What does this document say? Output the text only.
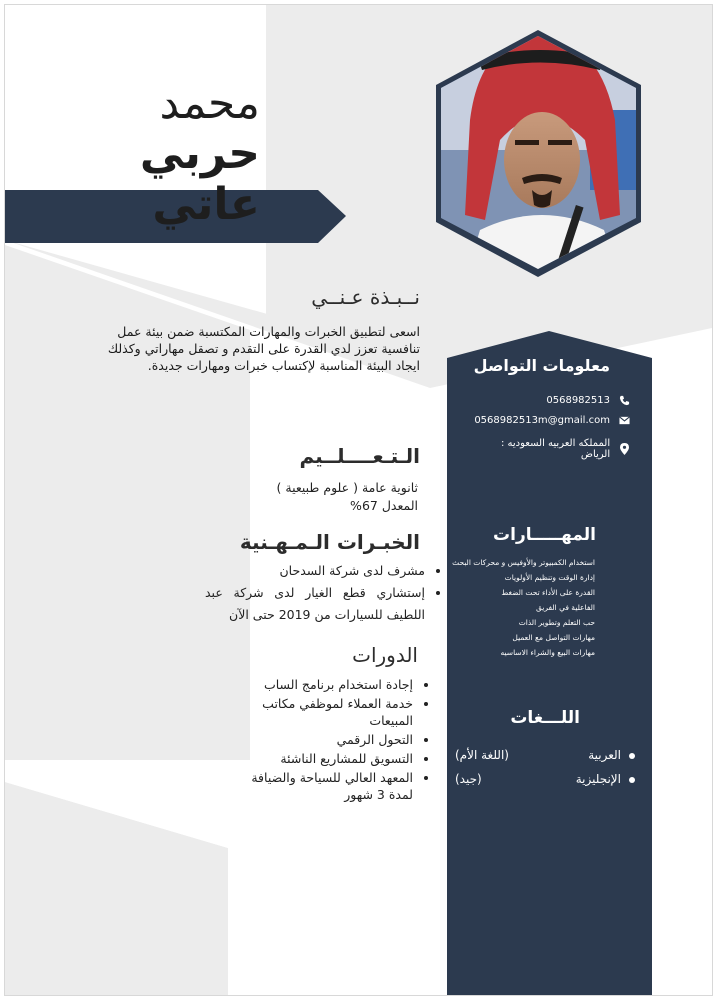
محمد
حربي عاتي
نــبـذة عـنــي
اسعى لتطبيق الخبرات والمهارات المكتسبة ضمن بيئة عمل تنافسية تعزز لدي القدرة على التقدم و تصقل مهاراتي وكذلك ايجاد البيئة المناسبة لإكتساب خبرات ومهارات جديدة.
الـتـعــــلــيم
ثانوية عامة ( علوم طبيعية )
المعدل 67%
الخبـرات الـمـهـنية
• مشرف لدى شركة السدحان
• إستشاري قطع الغيار لدى شركة عبد اللطيف للسيارات من 2019 حتى الآن
الدورات
• إجادة استخدام برنامج الساب
• خدمة العملاء لموظفي مكاتب المبيعات
• التحول الرقمي
• التسويق للمشاريع الناشئة
• المعهد العالي للسياحة والضيافة لمدة 3 شهور
معلومات التواصل
0568982513
0568982513m@gmail.com
المملكه العربيه السعوديه : الرياض
المهـــــارات
استخدام الكمبيوتر والأوفيس و محركات البحث
إدارة الوقت وتنظيم الأولويات
القدرة على الأداء تحت الضغط
الفاعلية في الفريق
حب التعلم وتطوير الذات
مهارات التواصل مع العميل
مهارات البيع والشراء الاساسيه
اللـــغات
العربية
(اللغة الأم)
الإنجليزية
(جيد)
